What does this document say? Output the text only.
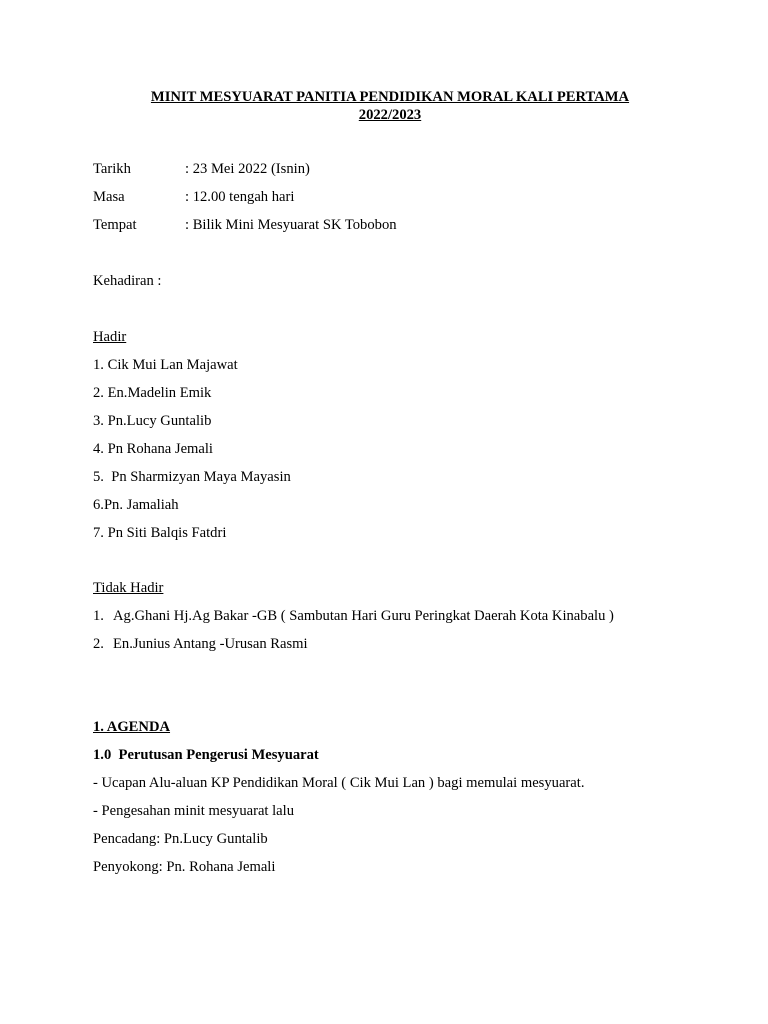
MINIT MESYUARAT PANITIA PENDIDIKAN MORAL KALI PERTAMA
2022/2023
Tarikh	: 23 Mei 2022 (Isnin)
Masa	: 12.00 tengah hari
Tempat	: Bilik Mini Mesyuarat SK Tobobon
Kehadiran :
Hadir
1. Cik Mui Lan Majawat
2. En.Madelin Emik
3. Pn.Lucy Guntalib
4. Pn Rohana Jemali
5.  Pn Sharmizyan Maya Mayasin
6.Pn. Jamaliah
7. Pn Siti Balqis Fatdri
Tidak Hadir
1. Ag.Ghani Hj.Ag Bakar -GB ( Sambutan Hari Guru Peringkat Daerah Kota Kinabalu )
2. En.Junius Antang -Urusan Rasmi
1. AGENDA
1.0  Perutusan Pengerusi Mesyuarat
- Ucapan Alu-aluan KP Pendidikan Moral ( Cik Mui Lan ) bagi memulai mesyuarat.
- Pengesahan minit mesyuarat lalu
Pencadang: Pn.Lucy Guntalib
Penyokong: Pn. Rohana Jemali
